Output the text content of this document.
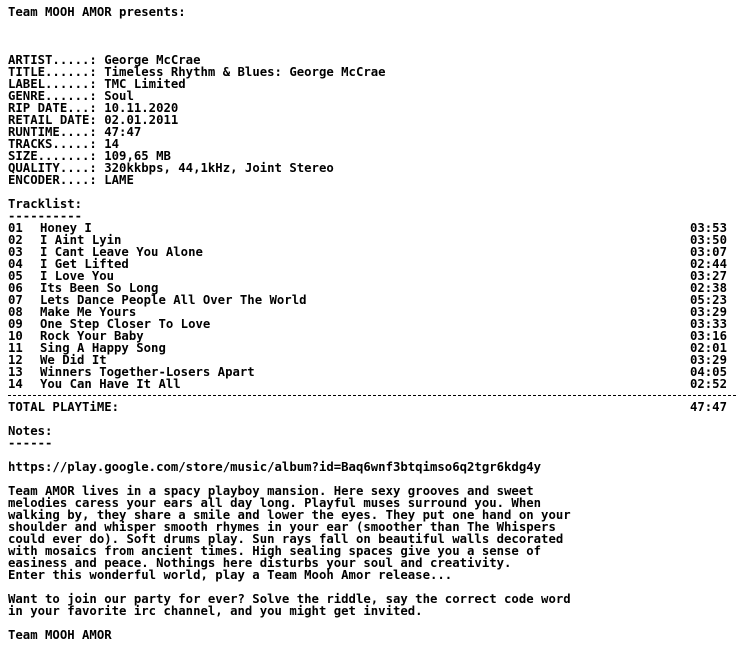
Team MOOH AMOR presents:
ARTIST.....: George McCrae
TITLE......: Timeless Rhythm & Blues: George McCrae
LABEL......: TMC Limited
GENRE......: Soul
RIP DATE...: 10.11.2020
RETAIL DATE: 02.01.2011
RUNTIME....: 47:47
TRACKS.....: 14
SIZE.......: 109,65 MB
QUALITY....: 320kkbps, 44,1kHz, Joint Stereo
ENCODER....: LAME
Tracklist:
----------
01	Honey I	03:53
02	I Aint Lyin	03:50
03	I Cant Leave You Alone	03:07
04	I Get Lifted	02:44
05	I Love You	03:27
06	Its Been So Long	02:38
07	Lets Dance People All Over The World	05:23
08	Make Me Yours	03:29
09	One Step Closer To Love	03:33
10	Rock Your Baby	03:16
11	Sing A Happy Song	02:01
12	We Did It	03:29
13	Winners Together-Losers Apart	04:05
14	You Can Have It All	02:52
TOTAL PLAYTiME:	47:47
Notes:
------
https://play.google.com/store/music/album?id=Baq6wnf3btqimso6q2tgr6kdg4y
Team AMOR lives in a spacy playboy mansion. Here sexy grooves and sweet
melodies caress your ears all day long. Playful muses surround you. When
walking by, they share a smile and lower the eyes. They put one hand on your
shoulder and whisper smooth rhymes in your ear (smoother than The Whispers
could ever do). Soft drums play. Sun rays fall on beautiful walls decorated
with mosaics from ancient times. High sealing spaces give you a sense of
easiness and peace. Nothings here disturbs your soul and creativity.
Enter this wonderful world, play a Team Mooh Amor release...
Want to join our party for ever? Solve the riddle, say the correct code word
in your favorite irc channel, and you might get invited.
Team MOOH AMOR
